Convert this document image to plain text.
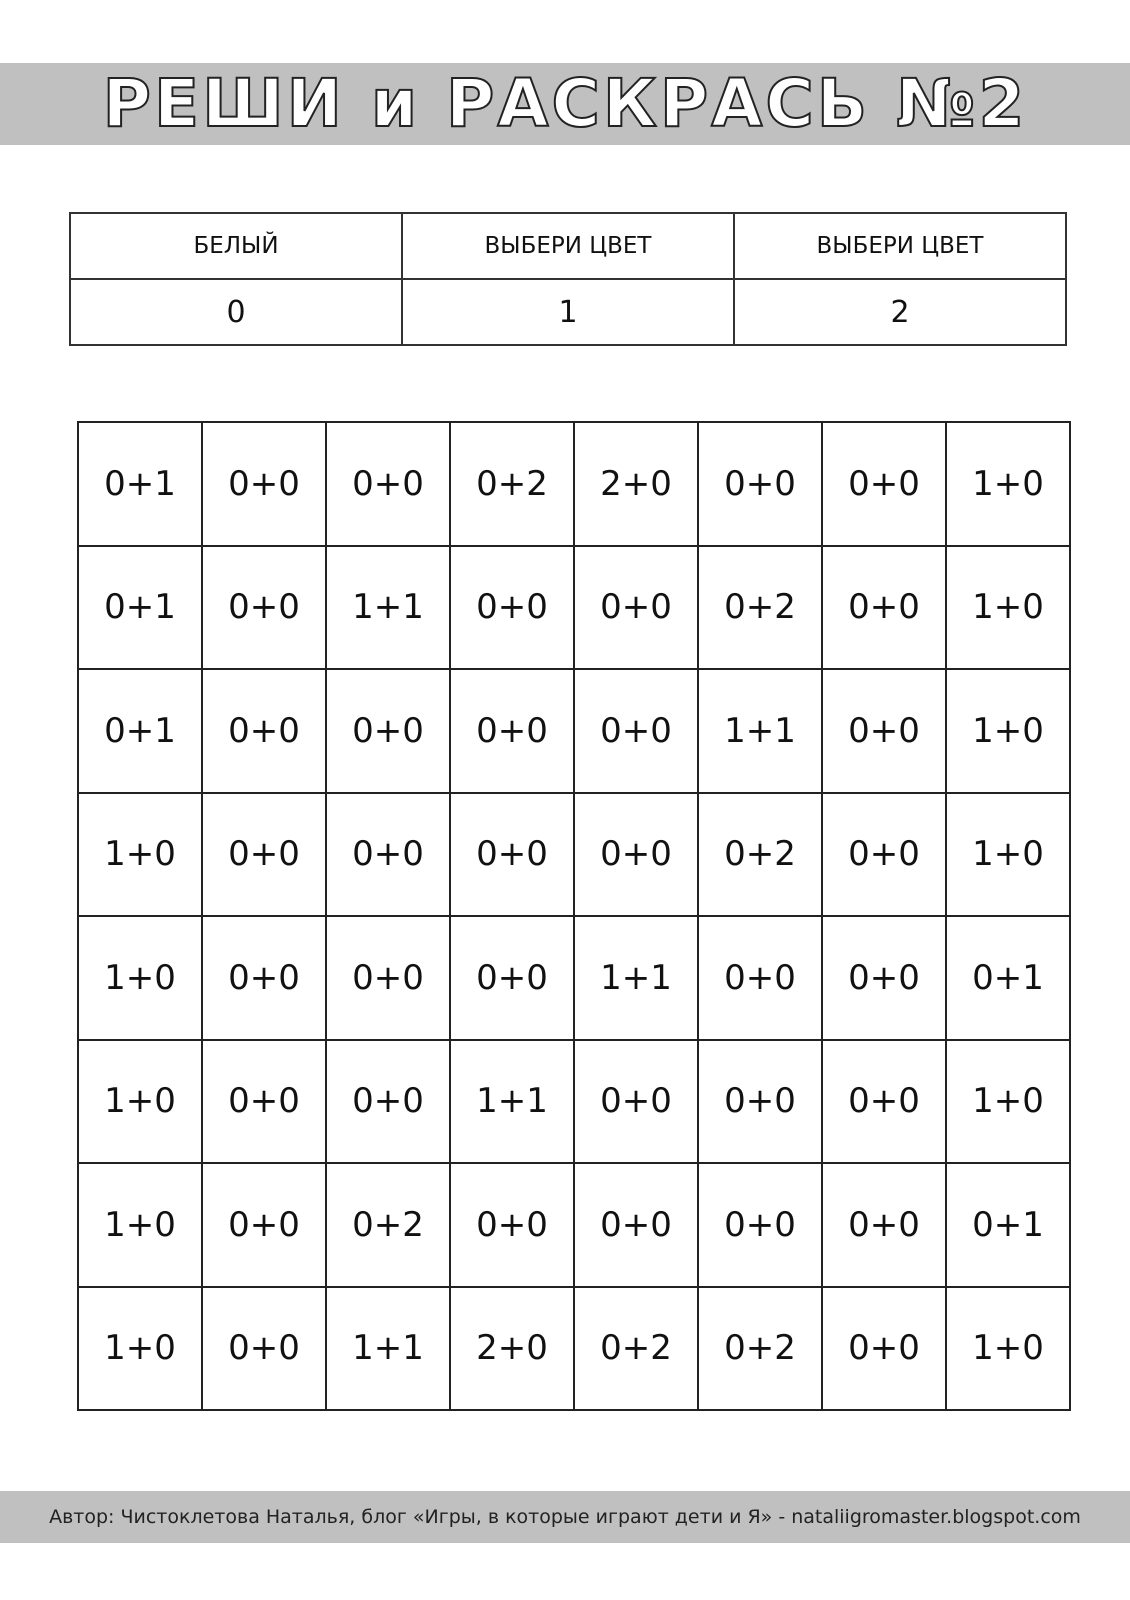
РЕШИ и РАСКРАСЬ №2
БЕЛЫЙ	ВЫБЕРИ ЦВЕТ	ВЫБЕРИ ЦВЕТ
0	1	2
0+1	0+0	0+0	0+2	2+0	0+0	0+0	1+0
0+1	0+0	1+1	0+0	0+0	0+2	0+0	1+0
0+1	0+0	0+0	0+0	0+0	1+1	0+0	1+0
1+0	0+0	0+0	0+0	0+0	0+2	0+0	1+0
1+0	0+0	0+0	0+0	1+1	0+0	0+0	0+1
1+0	0+0	0+0	1+1	0+0	0+0	0+0	1+0
1+0	0+0	0+2	0+0	0+0	0+0	0+0	0+1
1+0	0+0	1+1	2+0	0+2	0+2	0+0	1+0
Автор: Чистоклетова Наталья, блог «Игры, в которые играют дети и Я» - nataliigromaster.blogspot.com
